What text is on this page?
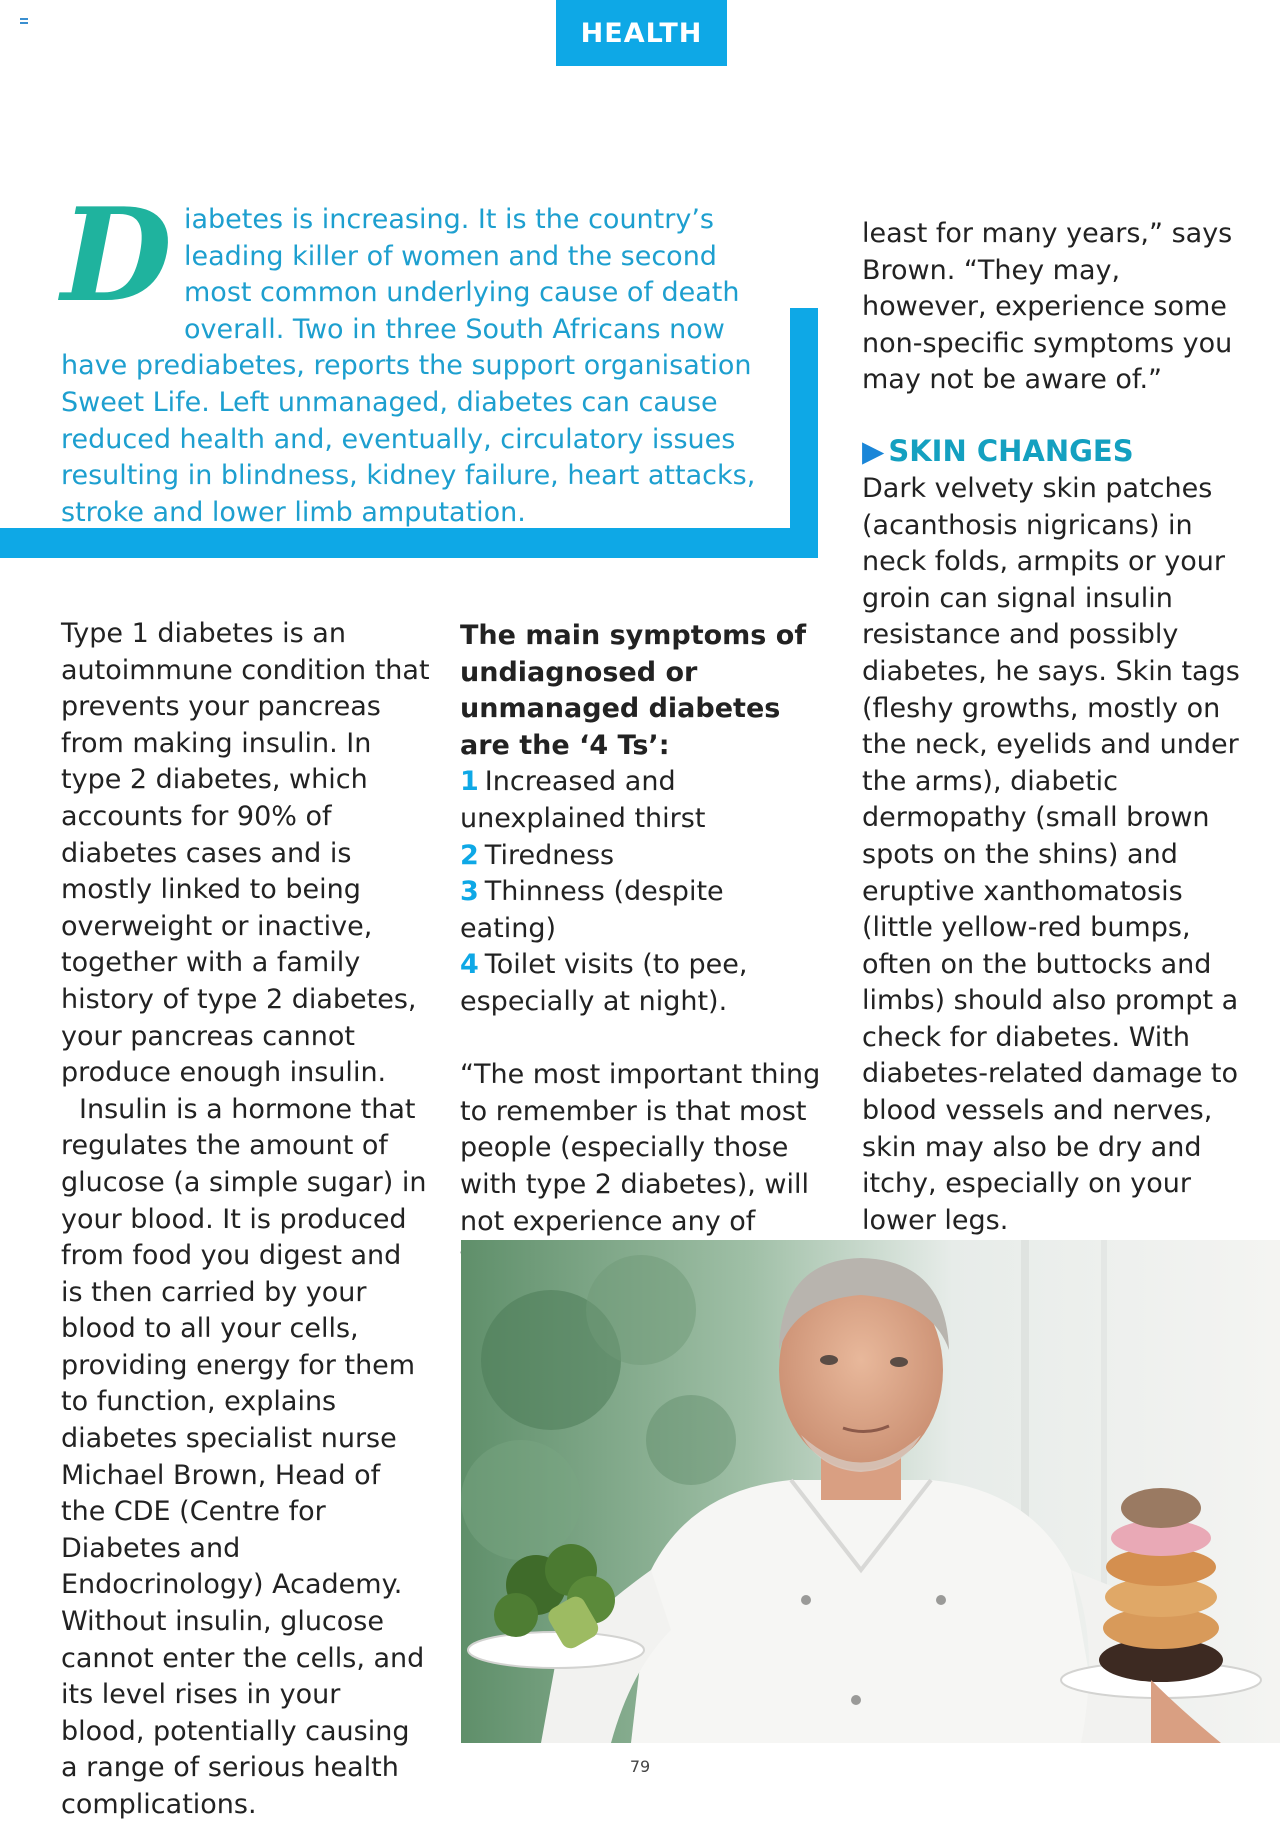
HEALTH
D iabetes is increasing. It is the country’s leading killer of women and the second most common underlying cause of death overall. Two in three South Africans now have prediabetes, reports the support organisation Sweet Life. Left unmanaged, diabetes can cause reduced health and, eventually, circulatory issues resulting in blindness, kidney failure, heart attacks, stroke and lower limb amputation.

Type 1 diabetes is an autoimmune condition that prevents your pancreas from making insulin. In type 2 diabetes, which accounts for 90% of diabetes cases and is mostly linked to being overweight or inactive, together with a family history of type 2 diabetes, your pancreas cannot produce enough insulin.

Insulin is a hormone that regulates the amount of glucose (a simple sugar) in your blood. It is produced from food you digest and is then carried by your blood to all your cells, providing energy for them to function, explains diabetes specialist nurse Michael Brown, Head of the CDE (Centre for Diabetes and Endocrinology) Academy. Without insulin, glucose cannot enter the cells, and its level rises in your blood, potentially causing a range of serious health complications.

The main symptoms of undiagnosed or unmanaged diabetes are the ‘4 Ts’:

1 Increased and unexplained thirst
2 Tiredness
3 Thinness (despite eating)
4 Toilet visits (to pee, especially at night).

“The most important thing to remember is that most people (especially those with type 2 diabetes), will not experience any of

least for many years,” says Brown. “They may, however, experience some non-specific symptoms you may not be aware of.”

▶ SKIN CHANGES

Dark velvety skin patches (acanthosis nigricans) in neck folds, armpits or your groin can signal insulin resistance and possibly diabetes, he says. Skin tags (fleshy growths, mostly on the neck, eyelids and under the arms), diabetic dermopathy (small brown spots on the shins) and eruptive xanthomatosis (little yellow-red bumps, often on the buttocks and limbs) should also prompt a check for diabetes. With diabetes-related damage to blood vessels and nerves, skin may also be dry and itchy, especially on your lower legs.

79
